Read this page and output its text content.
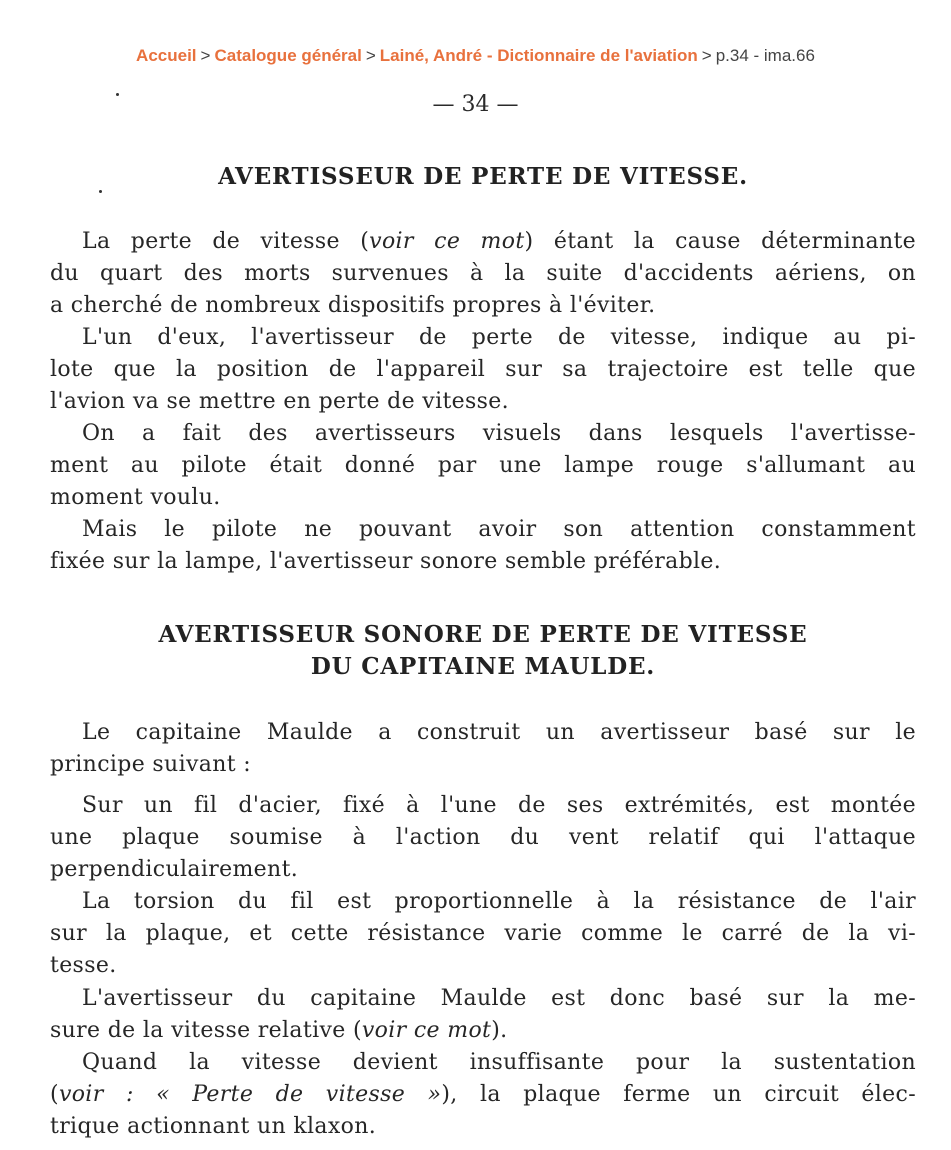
Accueil > Catalogue général > Lainé, André - Dictionnaire de l'aviation > p.34 - ima.66
— 34 —
AVERTISSEUR DE PERTE DE VITESSE.
La perte de vitesse (voir ce mot) étant la cause déterminante
du quart des morts survenues à la suite d'accidents aériens, on
a cherché de nombreux dispositifs propres à l'éviter.
L'un d'eux, l'avertisseur de perte de vitesse, indique au pi-
lote que la position de l'appareil sur sa trajectoire est telle que
l'avion va se mettre en perte de vitesse.
On a fait des avertisseurs visuels dans lesquels l'avertisse-
ment au pilote était donné par une lampe rouge s'allumant au
moment voulu.
Mais le pilote ne pouvant avoir son attention constamment
fixée sur la lampe, l'avertisseur sonore semble préférable.
AVERTISSEUR SONORE DE PERTE DE VITESSE
DU CAPITAINE MAULDE.
Le capitaine Maulde a construit un avertisseur basé sur le
principe suivant :
Sur un fil d'acier, fixé à l'une de ses extrémités, est montée
une plaque soumise à l'action du vent relatif qui l'attaque
perpendiculairement.
La torsion du fil est proportionnelle à la résistance de l'air
sur la plaque, et cette résistance varie comme le carré de la vi-
tesse.
L'avertisseur du capitaine Maulde est donc basé sur la me-
sure de la vitesse relative (voir ce mot).
Quand la vitesse devient insuffisante pour la sustentation
(voir : « Perte de vitesse »), la plaque ferme un circuit élec-
trique actionnant un klaxon.
